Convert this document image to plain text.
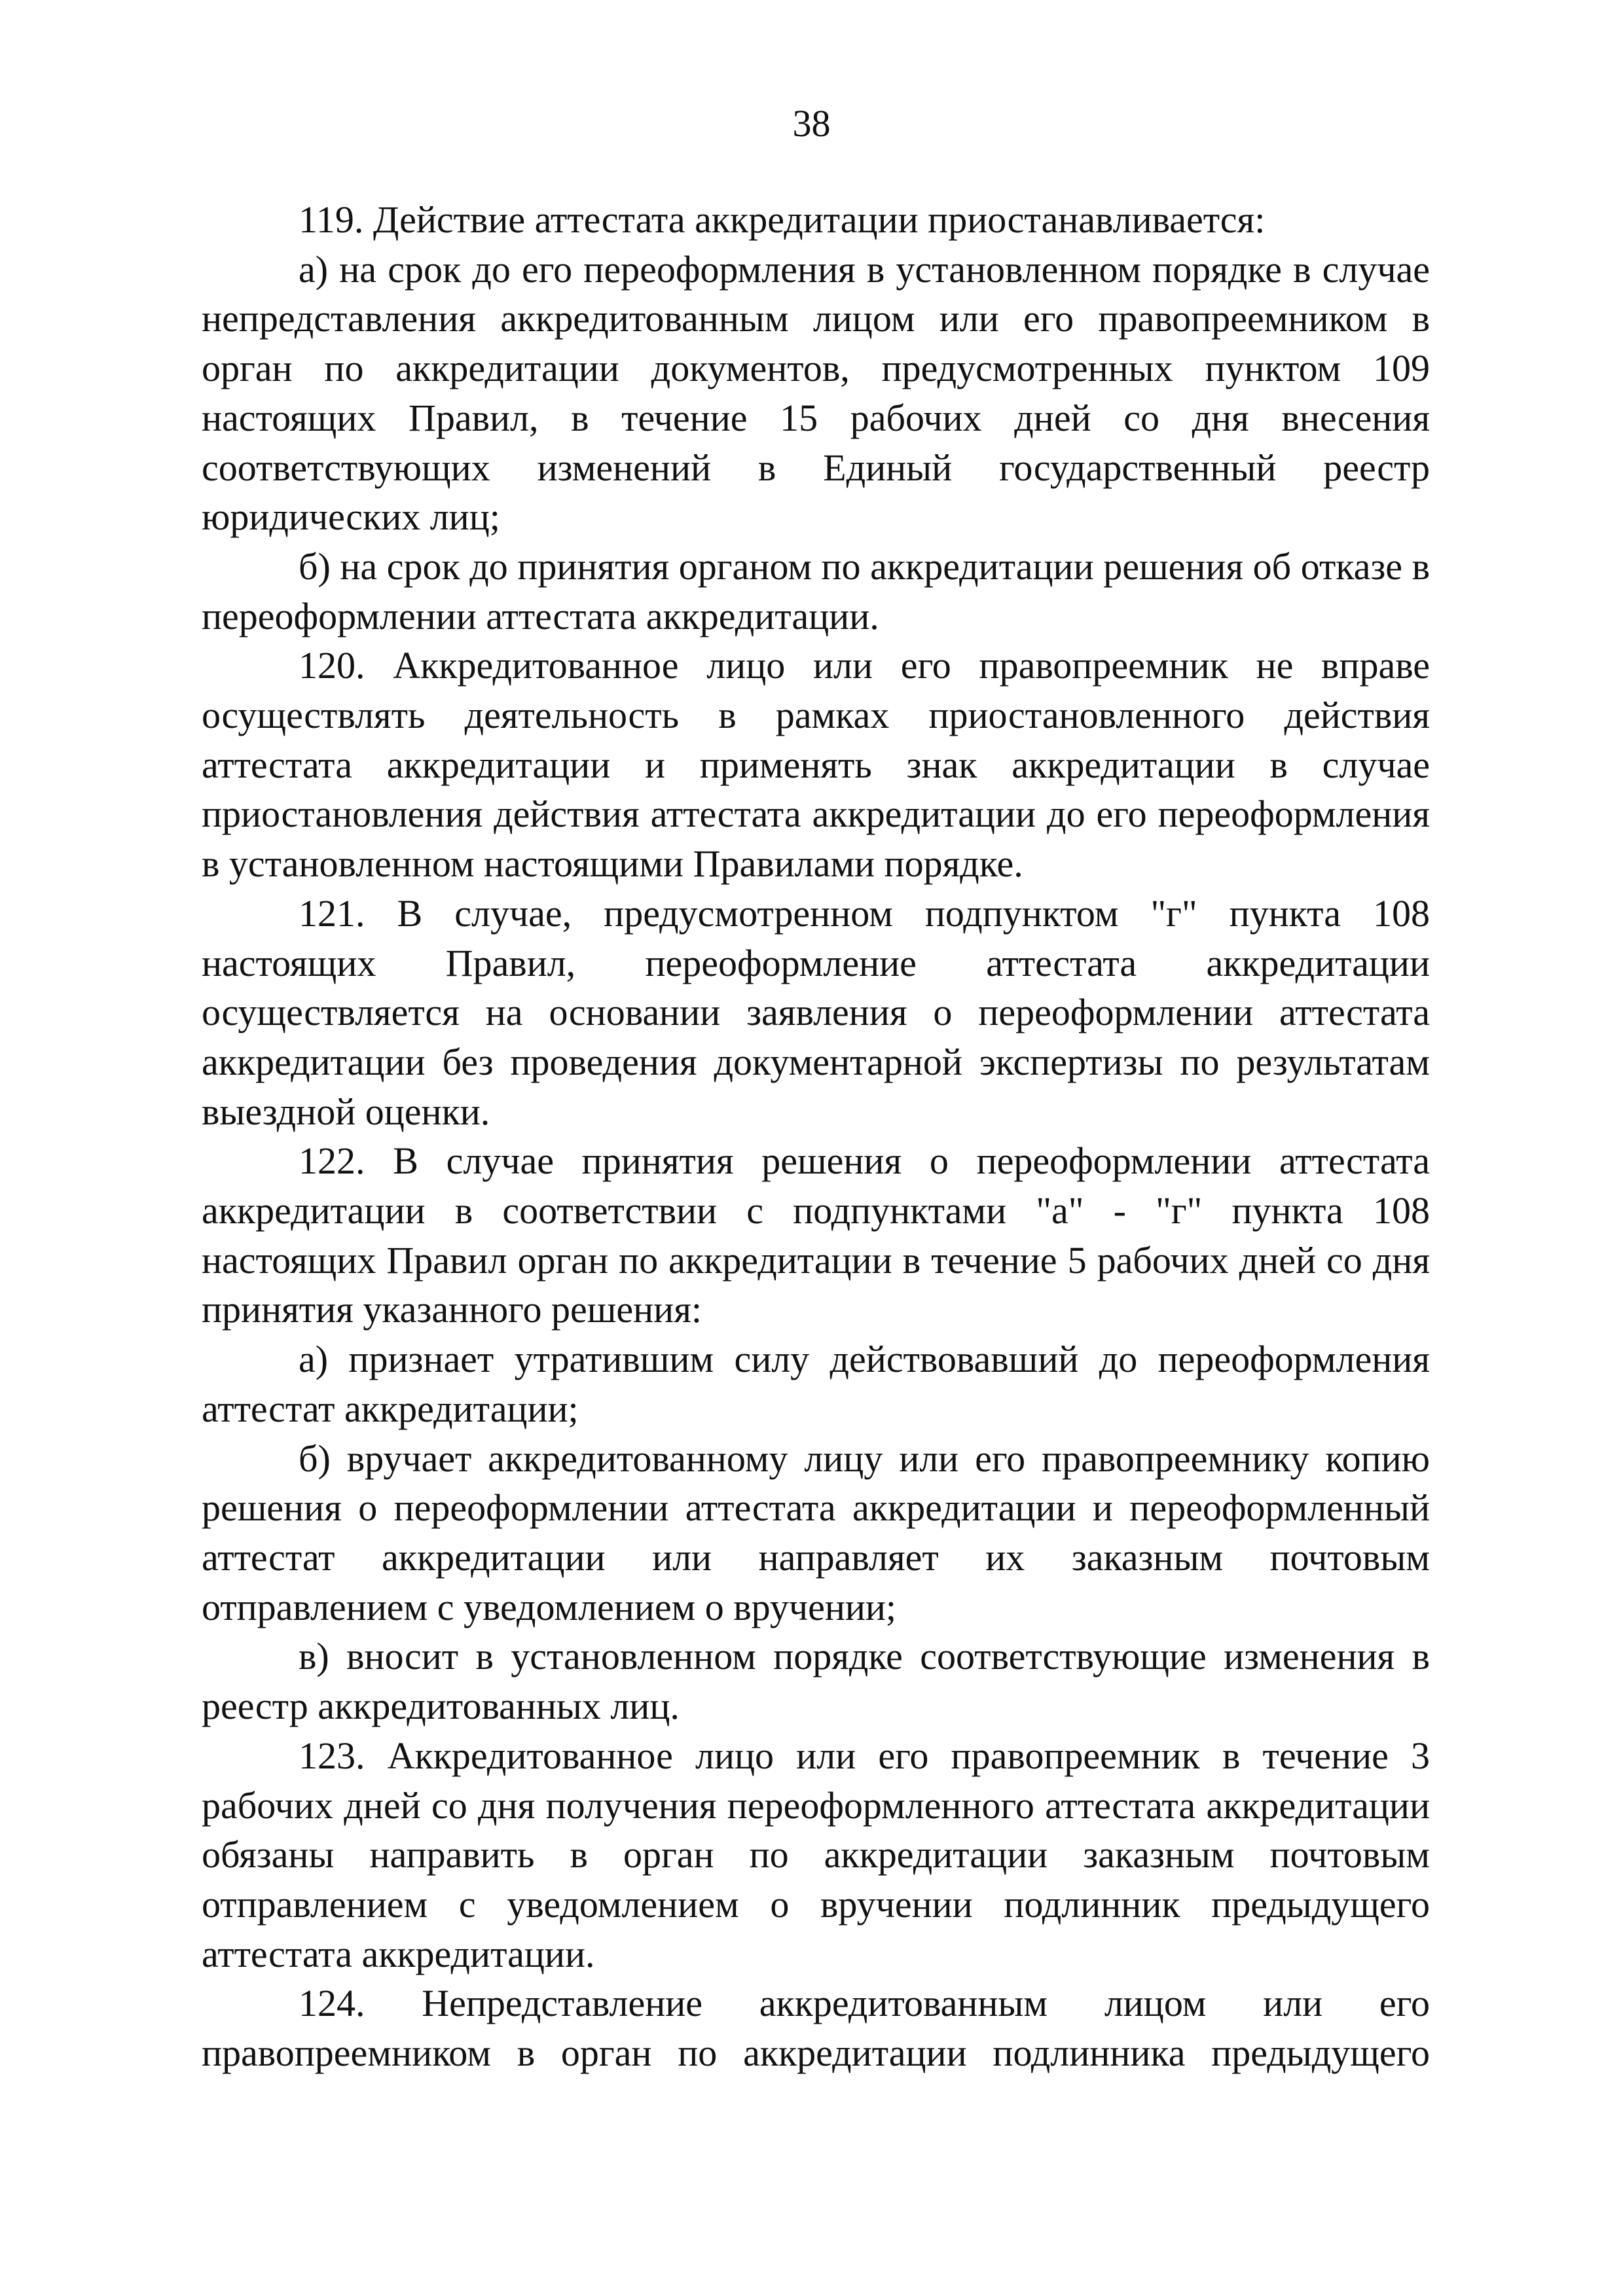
38

119. Действие аттестата аккредитации приостанавливается:

а) на срок до его переоформления в установленном порядке в случае непредставления аккредитованным лицом или его правопреемником в орган по аккредитации документов, предусмотренных пунктом 109 настоящих Правил, в течение 15 рабочих дней со дня внесения соответствующих изменений в Единый государственный реестр юридических лиц;

б) на срок до принятия органом по аккредитации решения об отказе в переоформлении аттестата аккредитации.

120. Аккредитованное лицо или его правопреемник не вправе осуществлять деятельность в рамках приостановленного действия аттестата аккредитации и применять знак аккредитации в случае приостановления действия аттестата аккредитации до его переоформления в установленном настоящими Правилами порядке.

121. В случае, предусмотренном подпунктом "г" пункта 108 настоящих Правил, переоформление аттестата аккредитации осуществляется на основании заявления о переоформлении аттестата аккредитации без проведения документарной экспертизы по результатам выездной оценки.

122. В случае принятия решения о переоформлении аттестата аккредитации в соответствии с подпунктами "а" - "г" пункта 108 настоящих Правил орган по аккредитации в течение 5 рабочих дней со дня принятия указанного решения:

а) признает утратившим силу действовавший до переоформления аттестат аккредитации;

б) вручает аккредитованному лицу или его правопреемнику копию решения о переоформлении аттестата аккредитации и переоформленный аттестат аккредитации или направляет их заказным почтовым отправлением с уведомлением о вручении;

в) вносит в установленном порядке соответствующие изменения в реестр аккредитованных лиц.

123. Аккредитованное лицо или его правопреемник в течение 3 рабочих дней со дня получения переоформленного аттестата аккредитации обязаны направить в орган по аккредитации заказным почтовым отправлением с уведомлением о вручении подлинник предыдущего аттестата аккредитации.

124. Непредставление аккредитованным лицом или его правопреемником в орган по аккредитации подлинника предыдущего
